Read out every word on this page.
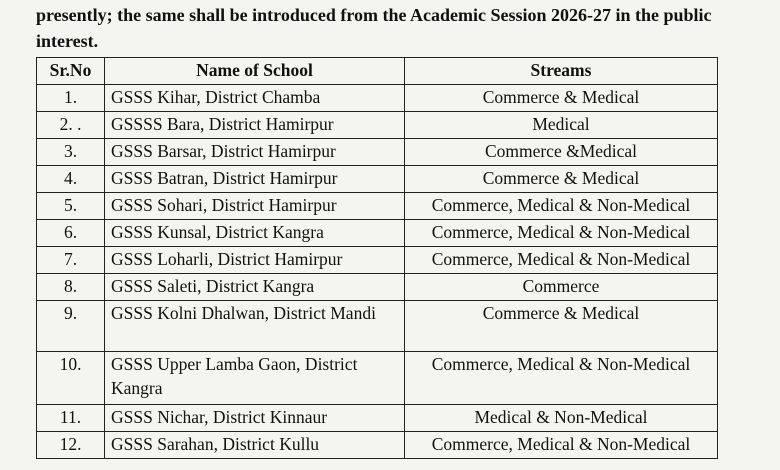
presently; the same shall be introduced from the Academic Session 2026-27 in the public interest.
Sr.No	Name of School	Streams
1.	GSSS Kihar, District Chamba	Commerce & Medical
2. .	GSSSS Bara, District Hamirpur	Medical
3.	GSSS Barsar, District Hamirpur	Commerce &Medical
4.	GSSS Batran, District Hamirpur	Commerce & Medical
5.	GSSS Sohari, District Hamirpur	Commerce, Medical & Non-Medical
6.	GSSS Kunsal, District Kangra	Commerce, Medical & Non-Medical
7.	GSSS Loharli, District Hamirpur	Commerce, Medical & Non-Medical
8.	GSSS Saleti, District Kangra	Commerce
9.	GSSS Kolni Dhalwan, District Mandi	Commerce & Medical
10.	GSSS Upper Lamba Gaon, District Kangra	Commerce, Medical & Non-Medical
11.	GSSS Nichar, District Kinnaur	Medical & Non-Medical
12.	GSSS Sarahan, District Kullu	Commerce, Medical & Non-Medical
